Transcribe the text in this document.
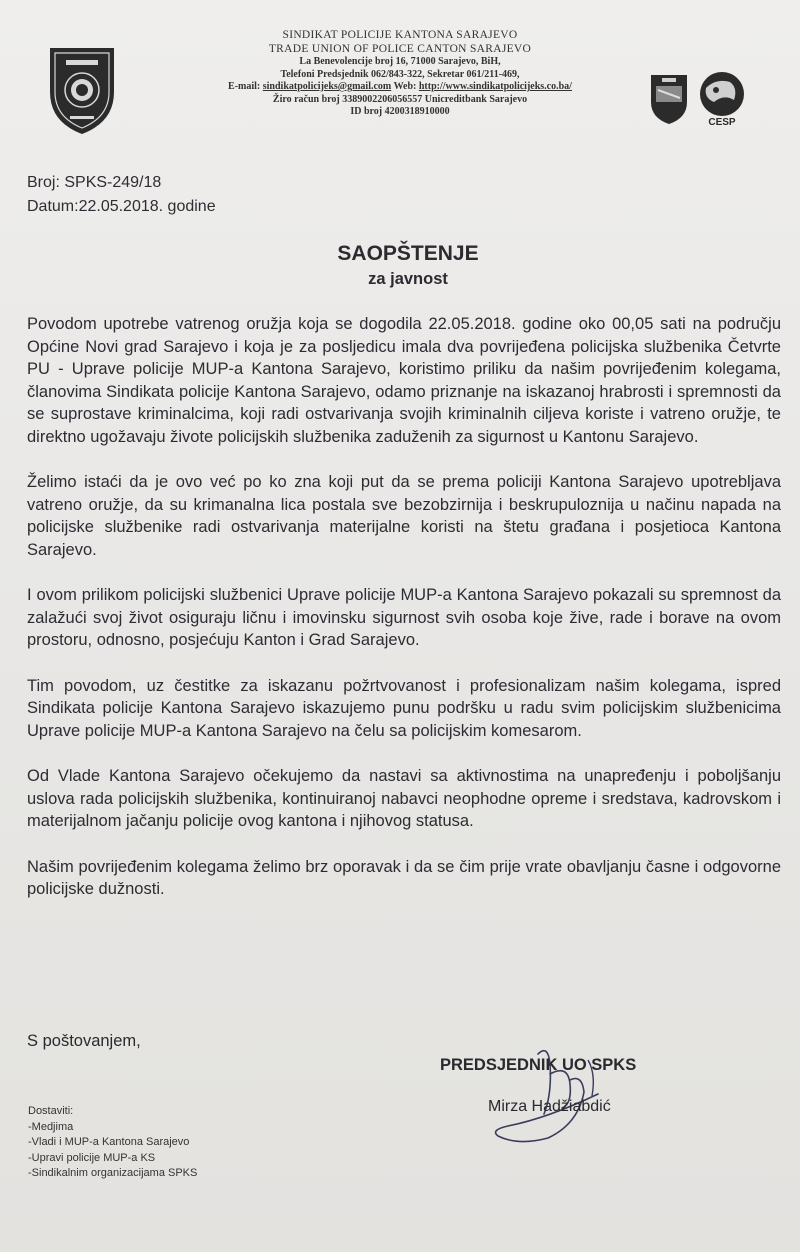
SINDIKAT POLICIJE KANTONA SARAJEVO
TRADE UNION OF POLICE CANTON SARAJEVO
La Benevolencije broj 16, 71000 Sarajevo, BiH,
Telefoni Predsjednik 062/843-322, Sekretar 061/211-469,
E-mail: sindikatpolicijeks@gmail.com Web: http://www.sindikatpolicijeks.co.ba/
Žiro račun broj 3389002206056557 Unicreditbank Sarajevo
ID broj 4200318910000
CESP
Broj: SPKS-249/18
Datum:22.05.2018. godine
SAOPŠTENJE
za javnost

Povodom upotrebe vatrenog oružja koja se dogodila 22.05.2018. godine oko 00,05 sati na području Općine Novi grad Sarajevo i koja je za posljedicu imala dva povrijeđena policijska službenika Četvrte PU - Uprave policije MUP-a Kantona Sarajevo, koristimo priliku da našim povrijeđenim kolegama, članovima Sindikata policije Kantona Sarajevo, odamo priznanje na iskazanoj hrabrosti i spremnosti da se suprostave kriminalcima, koji radi ostvarivanja svojih kriminalnih ciljeva koriste i vatreno oružje, te direktno ugožavaju živote policijskih službenika zaduženih za sigurnost u Kantonu Sarajevo.

Želimo istaći da je ovo već po ko zna koji put da se prema policiji Kantona Sarajevo upotrebljava vatreno oružje, da su krimanalna lica postala sve bezobzirnija i beskrupuloznija u načinu napada na policijske službenike radi ostvarivanja materijalne koristi na štetu građana i posjetioca Kantona Sarajevo.

I ovom prilikom policijski službenici Uprave policije MUP-a Kantona Sarajevo pokazali su spremnost da zalažući svoj život osiguraju ličnu i imovinsku sigurnost svih osoba koje žive, rade i borave na ovom prostoru, odnosno, posjećuju Kanton i Grad Sarajevo.

Tim povodom, uz čestitke za iskazanu požrtvovanost i profesionalizam našim kolegama, ispred Sindikata policije Kantona Sarajevo iskazujemo punu podršku u radu svim policijskim službenicima Uprave policije MUP-a Kantona Sarajevo na čelu sa policijskim komesarom.

Od Vlade Kantona Sarajevo očekujemo da nastavi sa aktivnostima na unapređenju i poboljšanju uslova rada policijskih službenika, kontinuiranoj nabavci neophodne opreme i sredstava, kadrovskom i materijalnom jačanju policije ovog kantona i njihovog statusa.

Našim povrijeđenim kolegama želimo brz oporavak i da se čim prije vrate obavljanju časne i odgovorne policijske dužnosti.

S poštovanjem,
PREDSJEDNIK UO SPKS
Mirza Hadžiabdić
Dostaviti:
-Medjima
-Vladi i MUP-a Kantona Sarajevo
-Upravi policije MUP-a KS
-Sindikalnim organizacijama SPKS
